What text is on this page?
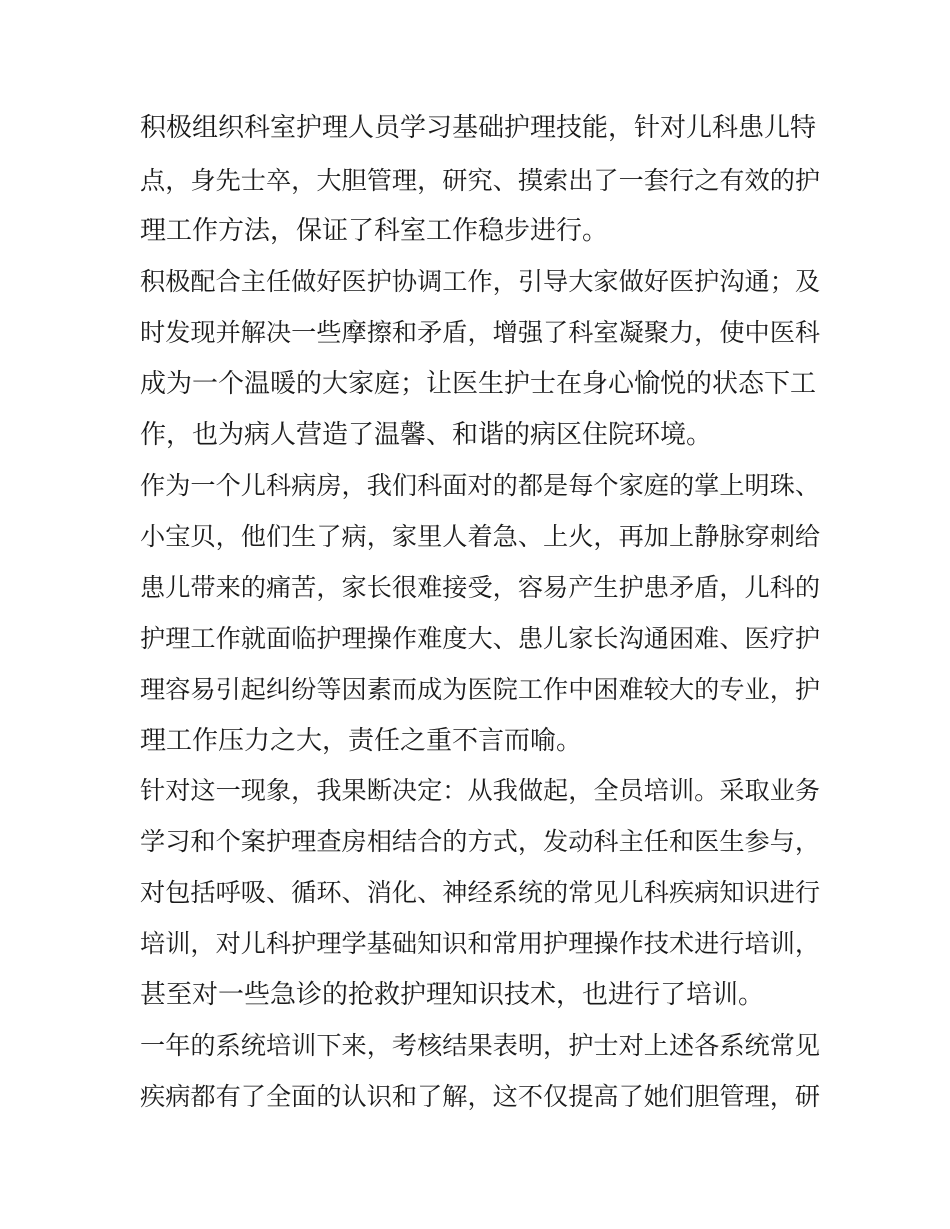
积极组织科室护理人员学习基础护理技能，针对儿科患儿特

点，身先士卒，大胆管理，研究、摸索出了一套行之有效的护

理工作方法，保证了科室工作稳步进行。

积极配合主任做好医护协调工作，引导大家做好医护沟通；及

时发现并解决一些摩擦和矛盾，增强了科室凝聚力，使中医科

成为一个温暖的大家庭；让医生护士在身心愉悦的状态下工

作，也为病人营造了温馨、和谐的病区住院环境。

作为一个儿科病房，我们科面对的都是每个家庭的掌上明珠、

小宝贝，他们生了病，家里人着急、上火，再加上静脉穿刺给

患儿带来的痛苦，家长很难接受，容易产生护患矛盾，儿科的

护理工作就面临护理操作难度大、患儿家长沟通困难、医疗护

理容易引起纠纷等因素而成为医院工作中困难较大的专业，护

理工作压力之大，责任之重不言而喻。

针对这一现象，我果断决定：从我做起，全员培训。采取业务

学习和个案护理查房相结合的方式，发动科主任和医生参与，

对包括呼吸、循环、消化、神经系统的常见儿科疾病知识进行

培训，对儿科护理学基础知识和常用护理操作技术进行培训，

甚至对一些急诊的抢救护理知识技术，也进行了培训。

一年的系统培训下来，考核结果表明，护士对上述各系统常见

疾病都有了全面的认识和了解，这不仅提高了她们胆管理，研
